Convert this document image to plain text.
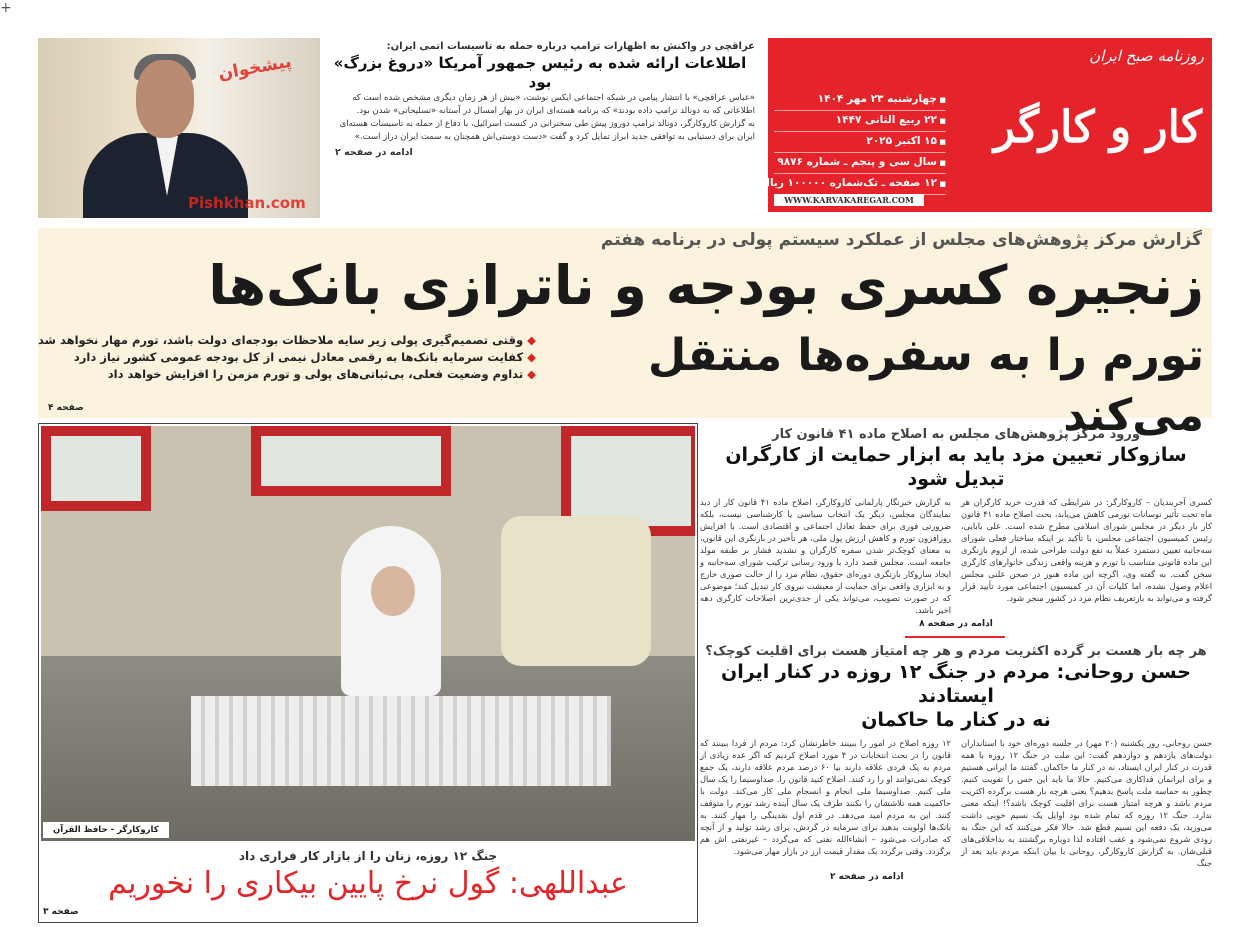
+
پیشخوان
Pishkhan.com
عراقچی در واکنش به اظهارات ترامپ درباره حمله به تاسیسات اتمی ایران:
اطلاعات ارائه شده به رئیس جمهور آمریکا «دروغ بزرگ» بود

«عباس عراقچی» با انتشار پیامی در شبکه اجتماعی ایکس نوشت، «بیش از هر زمان دیگری مشخص شده است که اطلاعاتی که به دونالد ترامپ داده بودند» که برنامه هسته‌ای ایران در بهار امسال در آستانه «تسلیحاتی» شدن بود.

به گزارش کاروکارگر، دونالد ترامپ دوروز پیش طی سخنرانی در کنست اسرائیل، با دفاع از حمله به تاسیسات هسته‌ای ایران برای دستیابی به توافقی جدید ابراز تمایل کرد و گفت «دست دوستی‌اش همچنان به سمت ایران دراز است.»

ادامه در صفحه ۲
روزنامه صبح ایران
کار و کارگر
■ چهارشنبه ۲۳ مهر ۱۴۰۴
■ ۲۲ ربیع الثانی ۱۴۴۷
■ ۱۵ اکتبر ۲۰۲۵
■ سال سی و پنجم ـ شماره ۹۸۷۶
■ ۱۲ صفحه ـ تک‌شماره ۱۰۰۰۰۰ ریال
WWW.KARVAKAREGAR.COM
گزارش مرکز پژوهش‌های مجلس از عملکرد سیستم پولی در برنامه هفتم
زنجیره کسری بودجه و ناترازی بانک‌ها
تورم را به سفره‌ها منتقل می‌کند
◆ وقتی تصمیم‌گیری پولی زیر سایه ملاحظات بودجه‌ای دولت باشد، تورم مهار نخواهد شد
◆ کفایت سرمایه بانک‌ها به رقمی معادل نیمی از کل بودجه عمومی کشور نیاز دارد
◆ تداوم وضعیت فعلی، بی‌ثباتی‌های پولی و تورم مزمن را افزایش خواهد داد
صفحه ۴
کاروکارگر - حافظ القرآن
جنگ ۱۲ روزه، زنان را از بازار کار فراری داد
عبداللهی: گول نرخ پایین بیکاری را نخوریم
صفحه ۳
ورود مرکز پژوهش‌های مجلس به اصلاح ماده ۴۱ قانون کار
سازوکار تعیین مزد باید به ابزار حمایت از کارگران تبدیل شود
کسری آجربندیان – کاروکارگر: در شرایطی که قدرت خرید کارگران هر ماه تحت تأثیر نوسانات تورمی کاهش می‌یابد، بحث اصلاح ماده ۴۱ قانون کار بار دیگر در مجلس شورای اسلامی مطرح شده است. علی بابایی، رئیس کمیسیون اجتماعی مجلس، با تأکید بر اینکه ساختار فعلی شورای سه‌جانبه تعیین دستمزد عملاً به نفع دولت طراحی شده، از لزوم بازنگری این ماده قانونی متناسب با تورم و هزینه واقعی زندگی خانوارهای کارگری سخن گفت. به گفته وی، اگرچه این ماده هنوز در صحن علنی مجلس اعلام وصول نشده، اما کلیات آن در کمیسیون اجتماعی مورد تأیید قرار گرفته و می‌تواند به بازتعریف نظام مزد در کشور منجر شود.
به گزارش خبرنگار پارلمانی کاروکارگر، اصلاح ماده ۴۱ قانون کار از دید نمایندگان مجلس، دیگر یک انتخاب سیاسی یا کارشناسی نیست، بلکه ضرورتی فوری برای حفظ تعادل اجتماعی و اقتصادی است. با افزایش روزافزون تورم و کاهش ارزش پول ملی، هر تأخیر در بازنگری این قانون، به معنای کوچک‌تر شدن سفره کارگران و تشدید فشار بر طبقه مولد جامعه است. مجلس قصد دارد با ورود رسانی ترکیب شورای سه‌جانبه و ایجاد سازوکار بازنگری دوره‌ای حقوق، نظام مزد را از حالت صوری خارج و به ابزاری واقعی برای حمایت از معیشت نیروی کار تبدیل کند؛ موضوعی که در صورت تصویب، می‌تواند یکی از جدی‌ترین اصلاحات کارگری دهه اخیر باشد.
ادامه در صفحه ۸
هر چه بار هست بر گرده اکثریت مردم و هر چه امتیاز هست برای اقلیت کوچک؟
حسن روحانی: مردم در جنگ ۱۲ روزه در کنار ایران ایستادند
نه در کنار ما حاکمان
حسن روحانی، روز یکشنبه (۲۰ مهر) در جلسه دوره‌ای خود با استانداران دولت‌های یازدهم و دوازدهم گفت: این ملت در جنگ ۱۲ روزه با همه قدرت در کنار ایران ایستاد، نه در کنار ما حاکمان. گفتند ما ایرانی هستیم و برای ایرانمان فداکاری می‌کنیم. حالا ما باید این حس را تقویت کنیم. چطور به حماسه ملت پاسخ بدهیم؟ یعنی هرچه بار هست برگرده اکثریت مردم باشد و هرچه امتیاز هست برای اقلیت کوچک باشد؟! اینکه معنی ندارد. جنگ ۱۲ روزه که تمام شده بود اوایل یک نسیم خوبی داشت می‌وزید، یک دفعه این نسیم قطع شد. حالا فکر می‌کنند که این جنگ به زودی شروع نمی‌شود و عقب افتاده لذا دوباره برگشتند به بداخلاقی‌های قبلی‌شان. به گزارش کاروکارگر، روحانی با بیان اینکه مردم باید بعد از جنگ
۱۲ روزه اصلاح در امور را ببینند خاطرنشان کرد: مردم از فردا ببینند که قانون را در بحث انتخابات در ۴ مورد اصلاح کردیم که اگر عده زیادی از مردم به یک فردی علاقه دارند بیا ۶۰ درصد مردم علاقه دارند، یک جمع کوچک نمی‌توانند او را رد کنند. اصلاح کنید قانون را. صداوسیما را یک سال ملی کنیم. صداوسیما ملی انجام و انسجام ملی کار می‌کند. دولت با حاکمیت همه تلاششان را بکنند طرف یک سال آینده رشد تورم را متوقف کنند. این به مردم امید می‌دهد. در قدم اول نقدینگی را مهار کنند. به بانک‌ها اولویت بدهید برای سرمایه در گردش، برای رشد تولید و از آنچه که صادرات می‌شود – انشاءالله نفتی که می‌گردد – غیرنفتی اش هم برگردد. وقتی برگردد یک مقدار قیمت ارز در بازار مهار می‌شود.
ادامه در صفحه ۲
